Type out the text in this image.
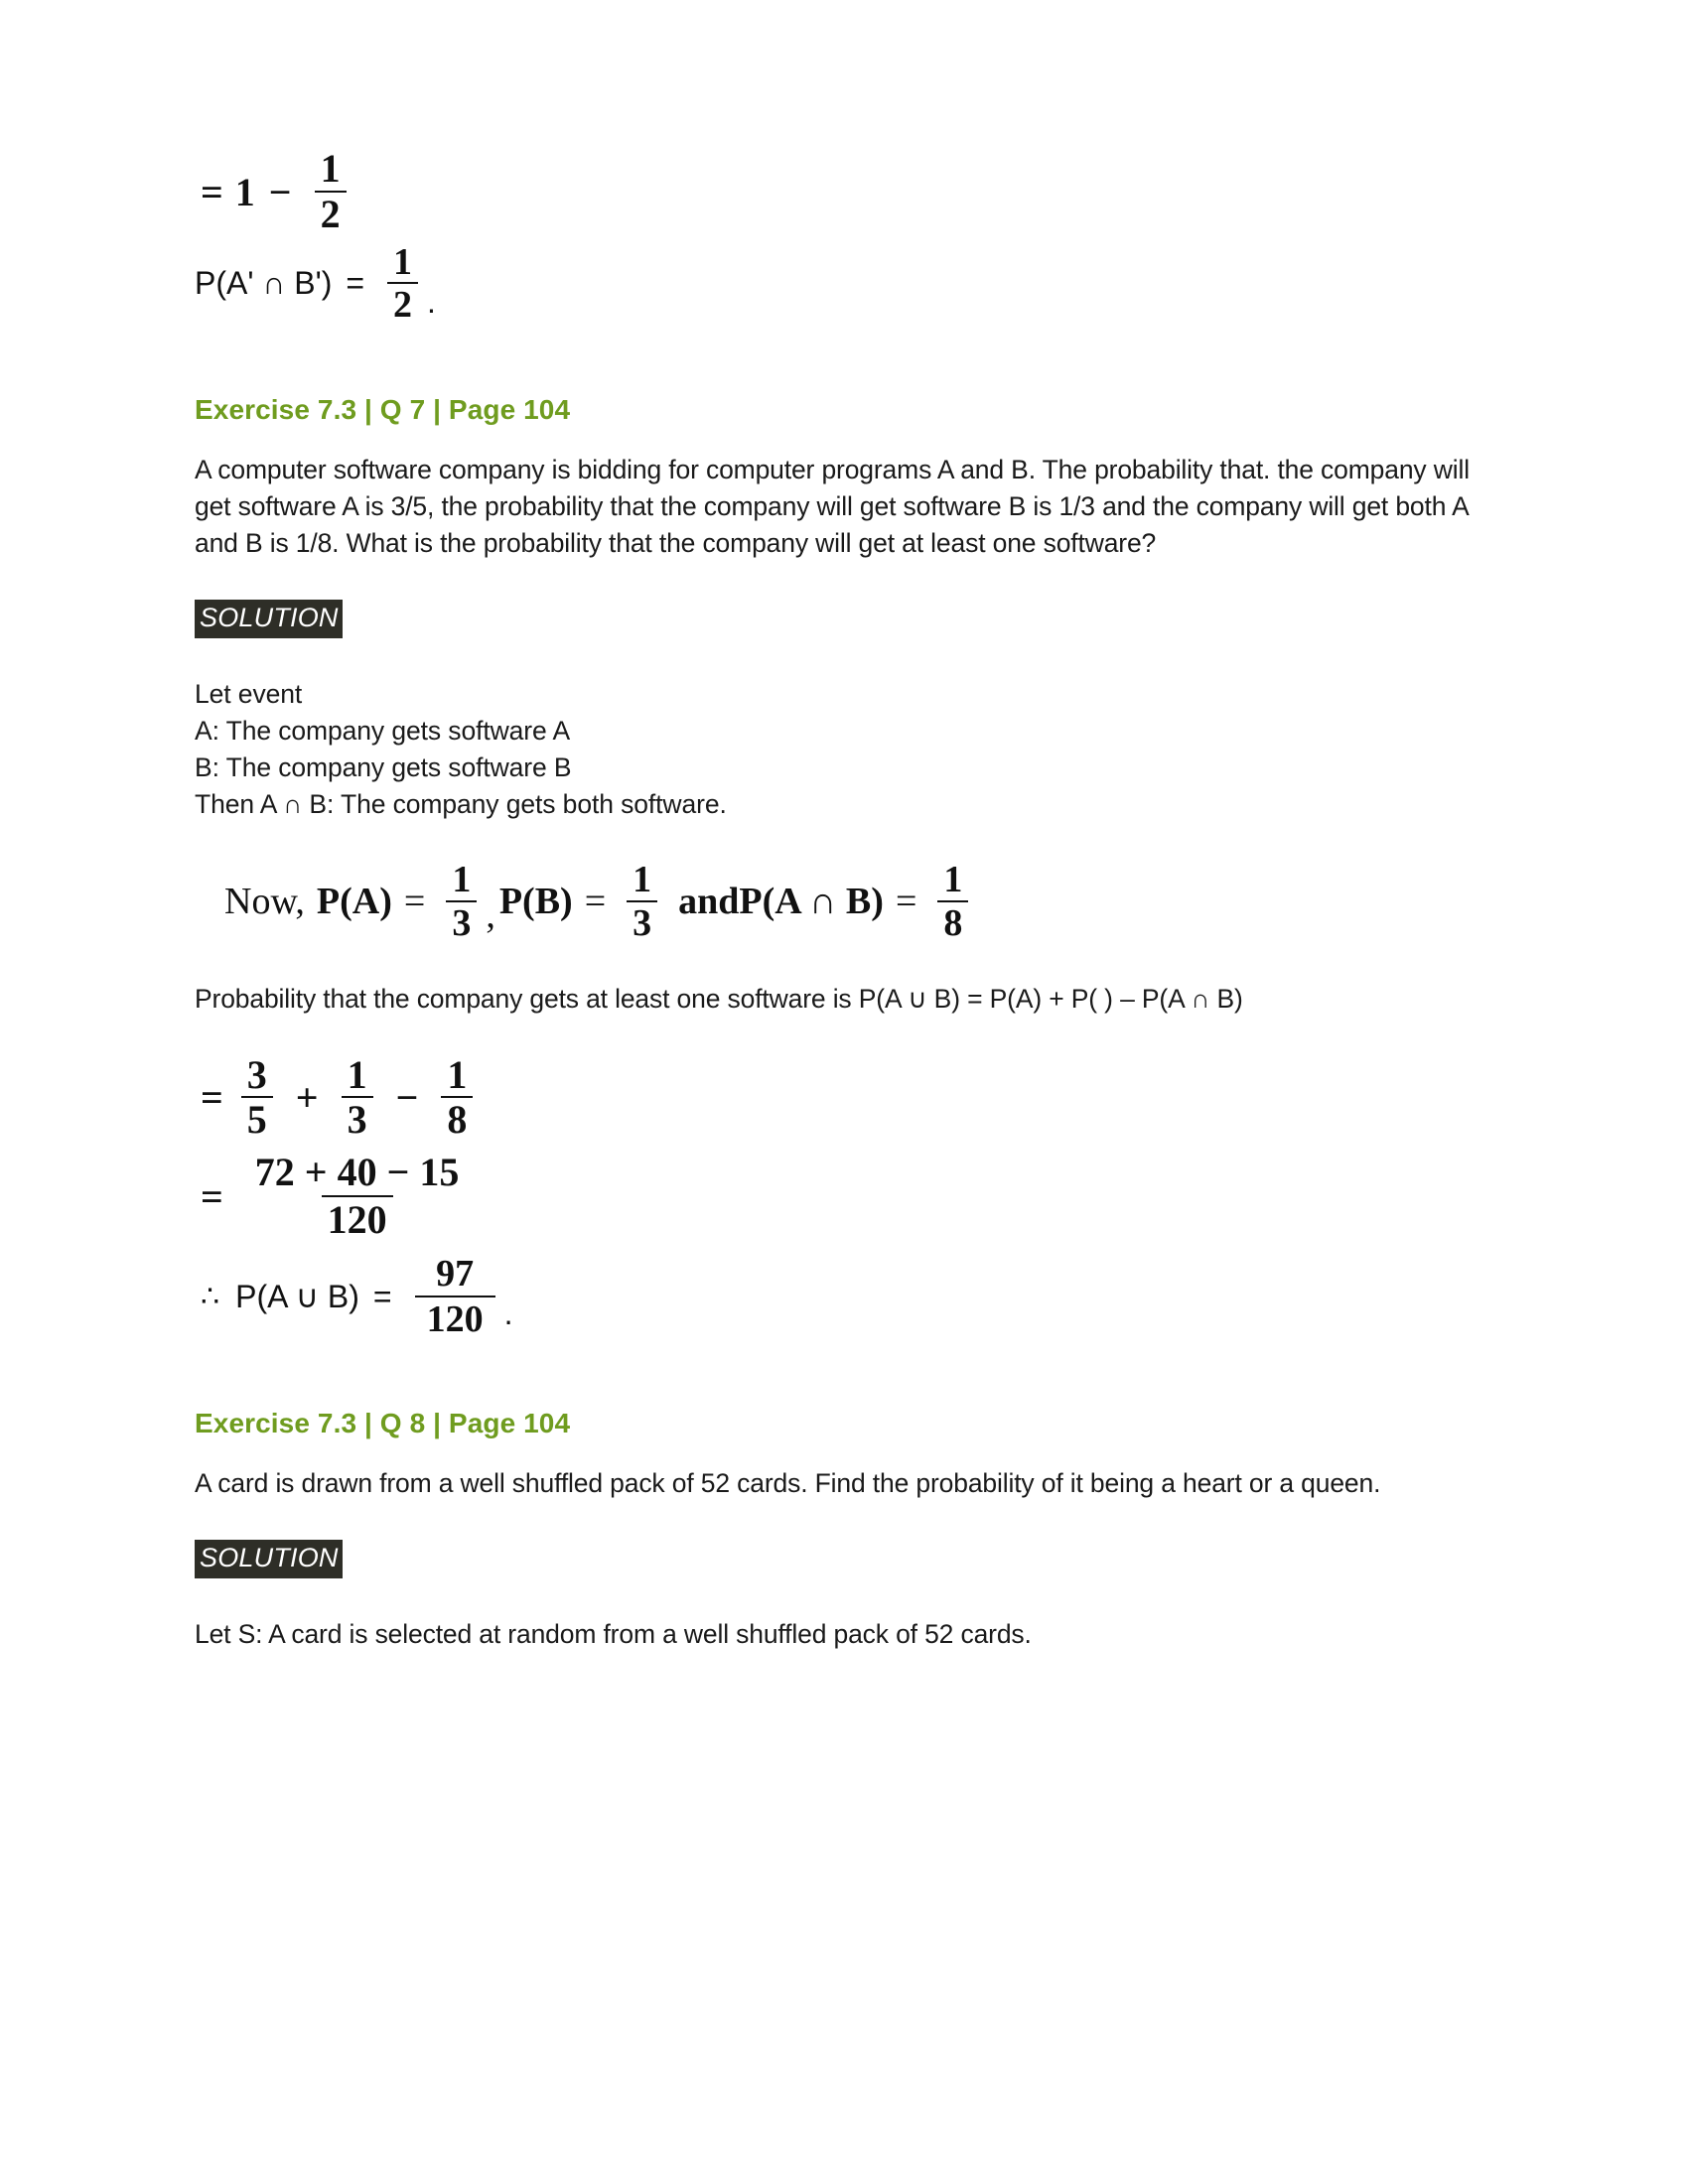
= $1 - \frac{1}{2}$
P(A' ∩ $B') = \frac{1}{2}$ .
Exercise 7.3 | Q 7 | Page 104

A computer software company is bidding for computer programs A and B. The probability that. the company will get software A is 3/5, the probability that the company will get software B is 1/3 and the company will get both A and B is 1/8. What is the probability that the company will get at least one software?

SOLUTION
Let event
A: The company gets software A
B: The company gets software B
Then A ∩ B: The company gets both software.
Now, $P(A) = \frac{1}{3}$ , $P(B) = \frac{1}{3}$ andP(A ∩ $B) = \frac{1}{8}$

Probability that the company gets at least one software is P(A ∪ B) = P(A) + P( ) – P(A ∩ B)

= $\frac{3}{5} + \frac{1}{3} - \frac{1}{8}$
= $\frac{72 + 40 - 15}{120}$
∴ P(A ∪ $B) = \frac{97}{120}$ .
Exercise 7.3 | Q 8 | Page 104

A card is drawn from a well shuffled pack of 52 cards. Find the probability of it being a heart or a queen.

SOLUTION

Let S: A card is selected at random from a well shuffled pack of 52 cards.
